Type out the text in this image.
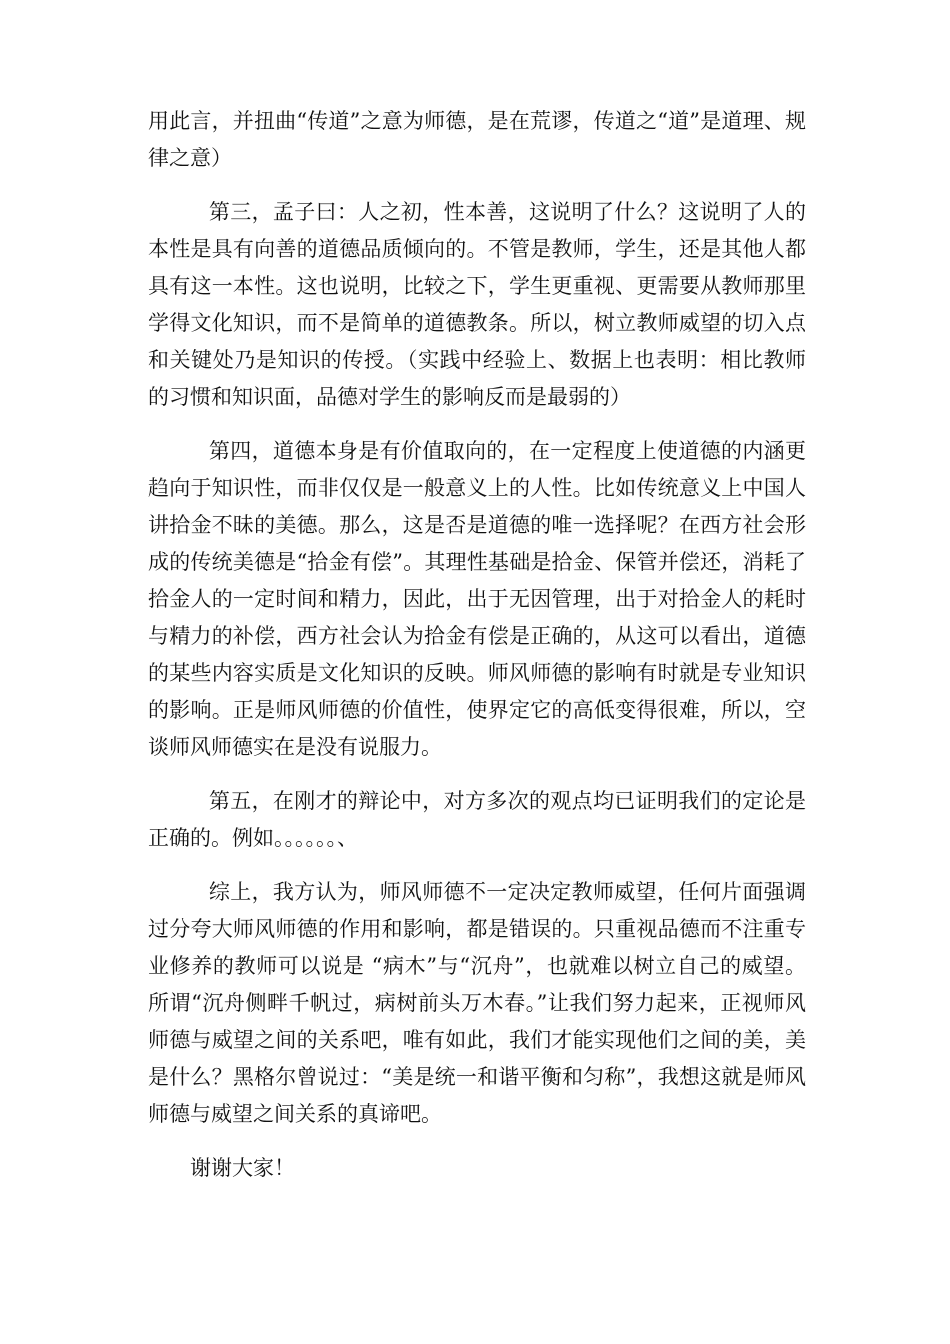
用此言，并扭曲“传道”之意为师德，是在荒谬，传道之“道”是道理、规律之意）

第三，孟子曰：人之初，性本善，这说明了什么？这说明了人的本性是具有向善的道德品质倾向的。不管是教师，学生，还是其他人都具有这一本性。这也说明，比较之下，学生更重视、更需要从教师那里学得文化知识，而不是简单的道德教条。所以，树立教师威望的切入点和关键处乃是知识的传授。（实践中经验上、数据上也表明：相比教师的习惯和知识面，品德对学生的影响反而是最弱的）

第四，道德本身是有价值取向的，在一定程度上使道德的内涵更趋向于知识性，而非仅仅是一般意义上的人性。比如传统意义上中国人讲拾金不昧的美德。那么，这是否是道德的唯一选择呢？在西方社会形成的传统美德是“拾金有偿”。其理性基础是拾金、保管并偿还，消耗了拾金人的一定时间和精力，因此，出于无因管理，出于对拾金人的耗时与精力的补偿，西方社会认为拾金有偿是正确的，从这可以看出，道德的某些内容实质是文化知识的反映。师风师德的影响有时就是专业知识的影响。正是师风师德的价值性，使界定它的高低变得很难，所以，空谈师风师德实在是没有说服力。

第五，在刚才的辩论中，对方多次的观点均已证明我们的定论是正确的。例如。。。。。。、

综上，我方认为，师风师德不一定决定教师威望，任何片面强调过分夸大师风师德的作用和影响，都是错误的。只重视品德而不注重专业修养的教师可以说是 “病木”与“沉舟”，也就难以树立自己的威望。所谓“沉舟侧畔千帆过，病树前头万木春。”让我们努力起来，正视师风师德与威望之间的关系吧，唯有如此，我们才能实现他们之间的美，美是什么？黑格尔曾说过：“美是统一和谐平衡和匀称”，我想这就是师风师德与威望之间关系的真谛吧。

谢谢大家！
